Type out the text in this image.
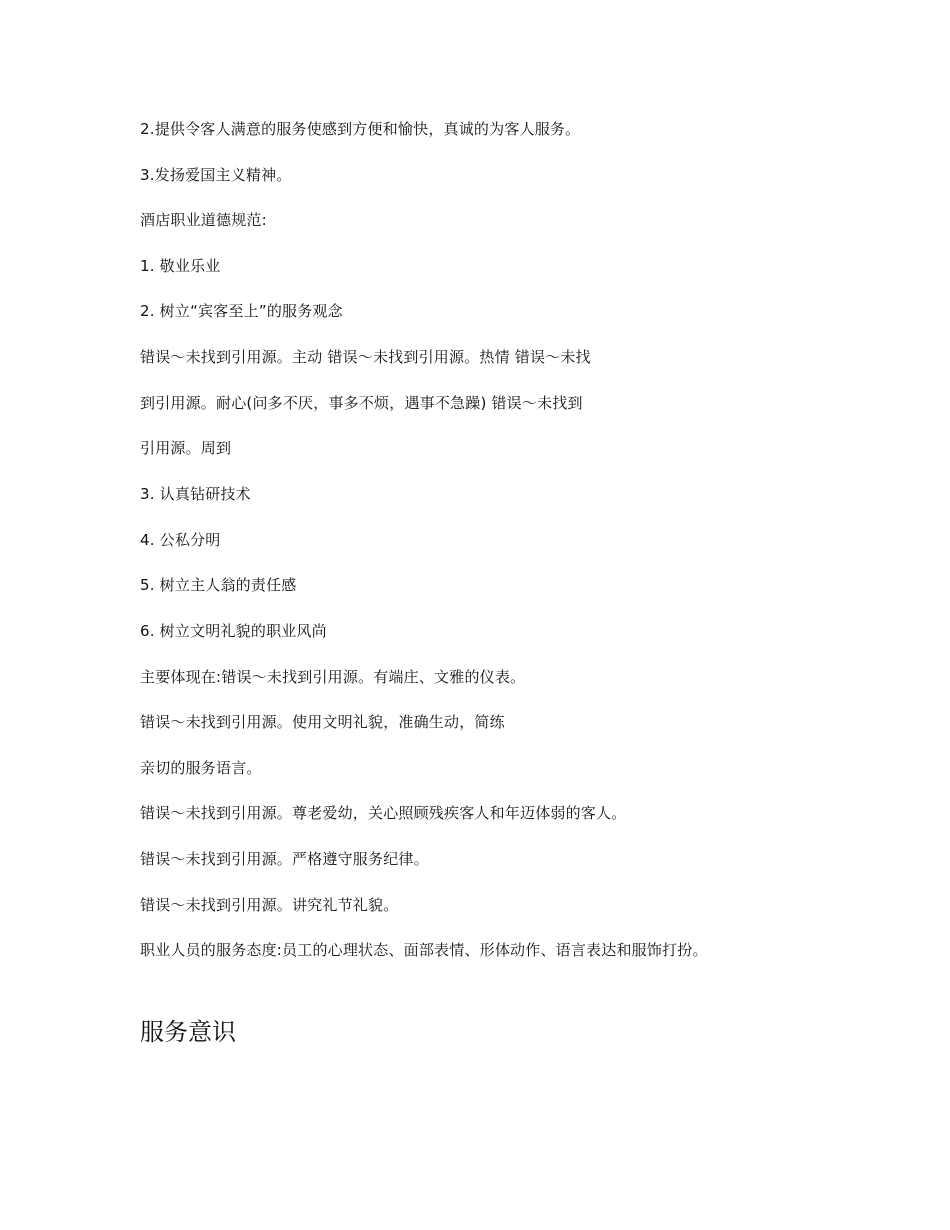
2.提供令客人满意的服务使感到方便和愉快，真诚的为客人服务。
3.发扬爱国主义精神。
酒店职业道德规范:
1. 敬业乐业
2. 树立“宾客至上”的服务观念
错误～未找到引用源。主动 错误～未找到引用源。热情 错误～未找
到引用源。耐心(问多不厌，事多不烦，遇事不急躁) 错误～未找到
引用源。周到
3. 认真钻研技术
4. 公私分明
5. 树立主人翁的责任感
6. 树立文明礼貌的职业风尚
主要体现在:错误～未找到引用源。有端庄、文雅的仪表。
错误～未找到引用源。使用文明礼貌，准确生动，简练
亲切的服务语言。
错误～未找到引用源。尊老爱幼，关心照顾残疾客人和年迈体弱的客人。
错误～未找到引用源。严格遵守服务纪律。
错误～未找到引用源。讲究礼节礼貌。
职业人员的服务态度:员工的心理状态、面部表情、形体动作、语言表达和服饰打扮。
服务意识
